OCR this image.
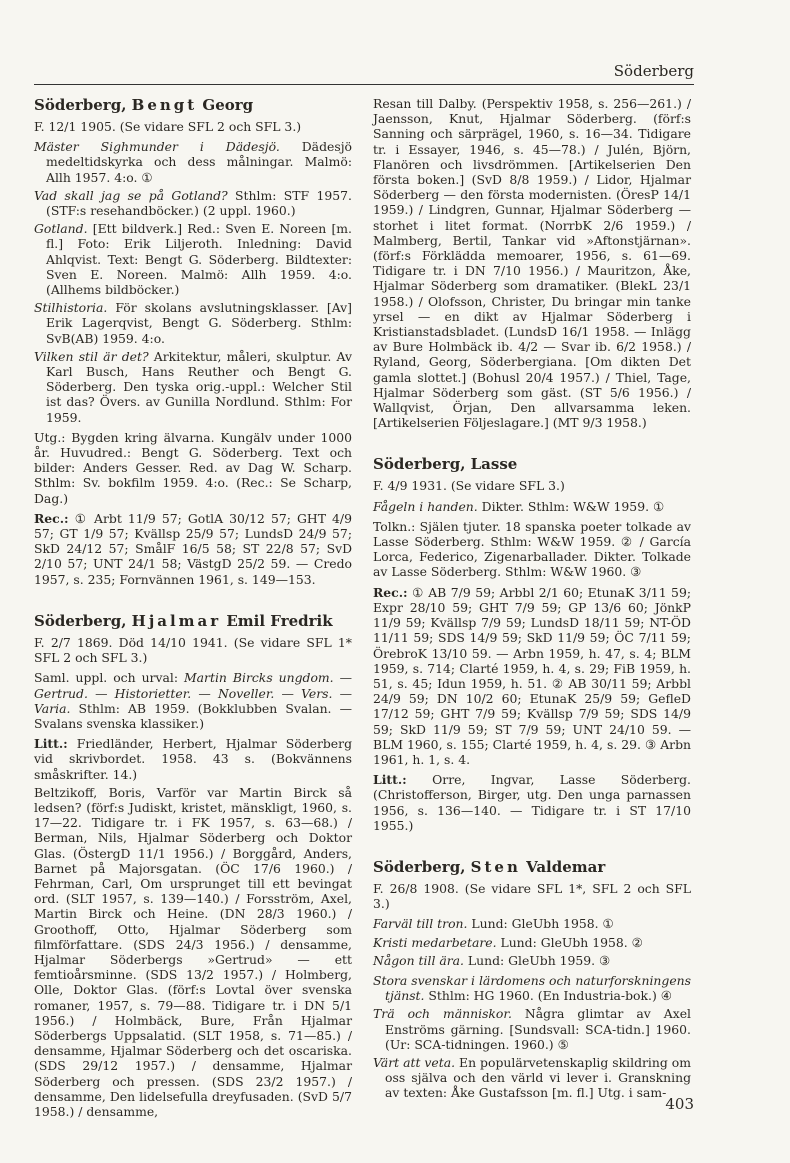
Söderberg
Söderberg, Bengt Georg

F. 12/1 1905. (Se vidare SFL 2 och SFL 3.)

Mäster Sighmunder i Dädesjö. Dädesjö medeltidskyrka och dess målningar. Malmö: Allh 1957. 4:o. ①

Vad skall jag se på Gotland? Sthlm: STF 1957. (STF:s resehandböcker.) (2 uppl. 1960.)

Gotland. [Ett bildverk.] Red.: Sven E. Noreen [m. fl.] Foto: Erik Liljeroth. Inledning: David Ahlqvist. Text: Bengt G. Söderberg. Bildtexter: Sven E. Noreen. Malmö: Allh 1959. 4:o. (Allhems bildböcker.)

Stilhistoria. För skolans avslutningsklasser. [Av] Erik Lagerqvist, Bengt G. Söderberg. Sthlm: SvB(AB) 1959. 4:o.

Vilken stil är det? Arkitektur, måleri, skulptur. Av Karl Busch, Hans Reuther och Bengt G. Söderberg. Den tyska orig.-uppl.: Welcher Stil ist das? Övers. av Gunilla Nordlund. Sthlm: For 1959.

Utg.: Bygden kring älvarna. Kungälv under 1000 år. Huvudred.: Bengt G. Söderberg. Text och bilder: Anders Gesser. Red. av Dag W. Scharp. Sthlm: Sv. bokfilm 1959. 4:o. (Rec.: Se Scharp, Dag.)

Rec.: ① Arbt 11/9 57; GotlA 30/12 57; GHT 4/9 57; GT 1/9 57; Kvällsp 25/9 57; LundsD 24/9 57; SkD 24/12 57; SmålF 16/5 58; ST 22/8 57; SvD 2/10 57; UNT 24/1 58; VästgD 25/2 59. — Credo 1957, s. 235; Fornvännen 1961, s. 149—153.

Söderberg, Hjalmar Emil Fredrik

F. 2/7 1869. Död 14/10 1941. (Se vidare SFL 1* SFL 2 och SFL 3.)

Saml. uppl. och urval: Martin Bircks ungdom. — Gertrud. — Historietter. — Noveller. — Vers. — Varia. Sthlm: AB 1959. (Bokklubben Svalan. — Svalans svenska klassiker.)

Litt.: Friedländer, Herbert, Hjalmar Söderberg vid skrivbordet. 1958. 43 s. (Bokvännens småskrifter. 14.)

Beltzikoff, Boris, Varför var Martin Birck så ledsen? (förf:s Judiskt, kristet, mänskligt, 1960, s. 17—22. Tidigare tr. i FK 1957, s. 63—68.) / Berman, Nils, Hjalmar Söderberg och Doktor Glas. (ÖstergD 11/1 1956.) / Borggård, Anders, Barnet på Majorsgatan. (ÖC 17/6 1960.) / Fehrman, Carl, Om ursprunget till ett bevingat ord. (SLT 1957, s. 139—140.) / Forsström, Axel, Martin Birck och Heine. (DN 28/3 1960.) / Groothoff, Otto, Hjalmar Söderberg som filmförfattare. (SDS 24/3 1956.) / densamme, Hjalmar Söderbergs »Gertrud» — ett femtioårsminne. (SDS 13/2 1957.) / Holmberg, Olle, Doktor Glas. (förf:s Lovtal över svenska romaner, 1957, s. 79—88. Tidigare tr. i DN 5/1 1956.) / Holmbäck, Bure, Från Hjalmar Söderbergs Uppsalatid. (SLT 1958, s. 71—85.) / densamme, Hjalmar Söderberg och det oscariska. (SDS 29/12 1957.) / densamme, Hjalmar Söderberg och pressen. (SDS 23/2 1957.) / densamme, Den lidelsefulla dreyfusaden. (SvD 5/7 1958.) / densamme,

Resan till Dalby. (Perspektiv 1958, s. 256—261.) / Jaensson, Knut, Hjalmar Söderberg. (förf:s Sanning och särprägel, 1960, s. 16—34. Tidigare tr. i Essayer, 1946, s. 45—78.) / Julén, Björn, Flanören och livsdrömmen. [Artikelserien Den första boken.] (SvD 8/8 1959.) / Lidor, Hjalmar Söderberg — den första modernisten. (ÖresP 14/1 1959.) / Lindgren, Gunnar, Hjalmar Söderberg — storhet i litet format. (NorrbK 2/6 1959.) / Malmberg, Bertil, Tankar vid »Aftonstjärnan». (förf:s Förklädda memoarer, 1956, s. 61—69. Tidigare tr. i DN 7/10 1956.) / Mauritzon, Åke, Hjalmar Söderberg som dramatiker. (BlekL 23/1 1958.) / Olofsson, Christer, Du bringar min tanke yrsel — en dikt av Hjalmar Söderberg i Kristianstadsbladet. (LundsD 16/1 1958. — Inlägg av Bure Holmbäck ib. 4/2 — Svar ib. 6/2 1958.) / Ryland, Georg, Söderbergiana. [Om dikten Det gamla slottet.] (Bohusl 20/4 1957.) / Thiel, Tage, Hjalmar Söderberg som gäst. (ST 5/6 1956.) / Wallqvist, Örjan, Den allvarsamma leken. [Artikelserien Följeslagare.] (MT 9/3 1958.)

Söderberg, Lasse

F. 4/9 1931. (Se vidare SFL 3.)

Fågeln i handen. Dikter. Sthlm: W&W 1959. ①

Tolkn.: Själen tjuter. 18 spanska poeter tolkade av Lasse Söderberg. Sthlm: W&W 1959. ② / García Lorca, Federico, Zigenarballader. Dikter. Tolkade av Lasse Söderberg. Sthlm: W&W 1960. ③

Rec.: ① AB 7/9 59; Arbbl 2/1 60; EtunaK 3/11 59; Expr 28/10 59; GHT 7/9 59; GP 13/6 60; JönkP 11/9 59; Kvällsp 7/9 59; LundsD 18/11 59; NT-ÖD 11/11 59; SDS 14/9 59; SkD 11/9 59; ÖC 7/11 59; ÖrebroK 13/10 59. — Arbn 1959, h. 47, s. 4; BLM 1959, s. 714; Clarté 1959, h. 4, s. 29; FiB 1959, h. 51, s. 45; Idun 1959, h. 51. ② AB 30/11 59; Arbbl 24/9 59; DN 10/2 60; EtunaK 25/9 59; GefleD 17/12 59; GHT 7/9 59; Kvällsp 7/9 59; SDS 14/9 59; SkD 11/9 59; ST 7/9 59; UNT 24/10 59. — BLM 1960, s. 155; Clarté 1959, h. 4, s. 29. ③ Arbn 1961, h. 1, s. 4.

Litt.: Orre, Ingvar, Lasse Söderberg. (Christofferson, Birger, utg. Den unga parnassen 1956, s. 136—140. — Tidigare tr. i ST 17/10 1955.)

Söderberg, Sten Valdemar

F. 26/8 1908. (Se vidare SFL 1*, SFL 2 och SFL 3.)

Farväl till tron. Lund: GleUbh 1958. ①

Kristi medarbetare. Lund: GleUbh 1958. ②

Någon till ära. Lund: GleUbh 1959. ③

Stora svenskar i lärdomens och naturforskningens tjänst. Sthlm: HG 1960. (En Industria-bok.) ④

Trä och människor. Några glimtar av Axel Enströms gärning. [Sundsvall: SCA-tidn.] 1960. (Ur: SCA-tidningen. 1960.) ⑤

Värt att veta. En populärvetenskaplig skildring om oss själva och den värld vi lever i. Granskning av texten: Åke Gustafsson [m. fl.] Utg. i sam-

403
